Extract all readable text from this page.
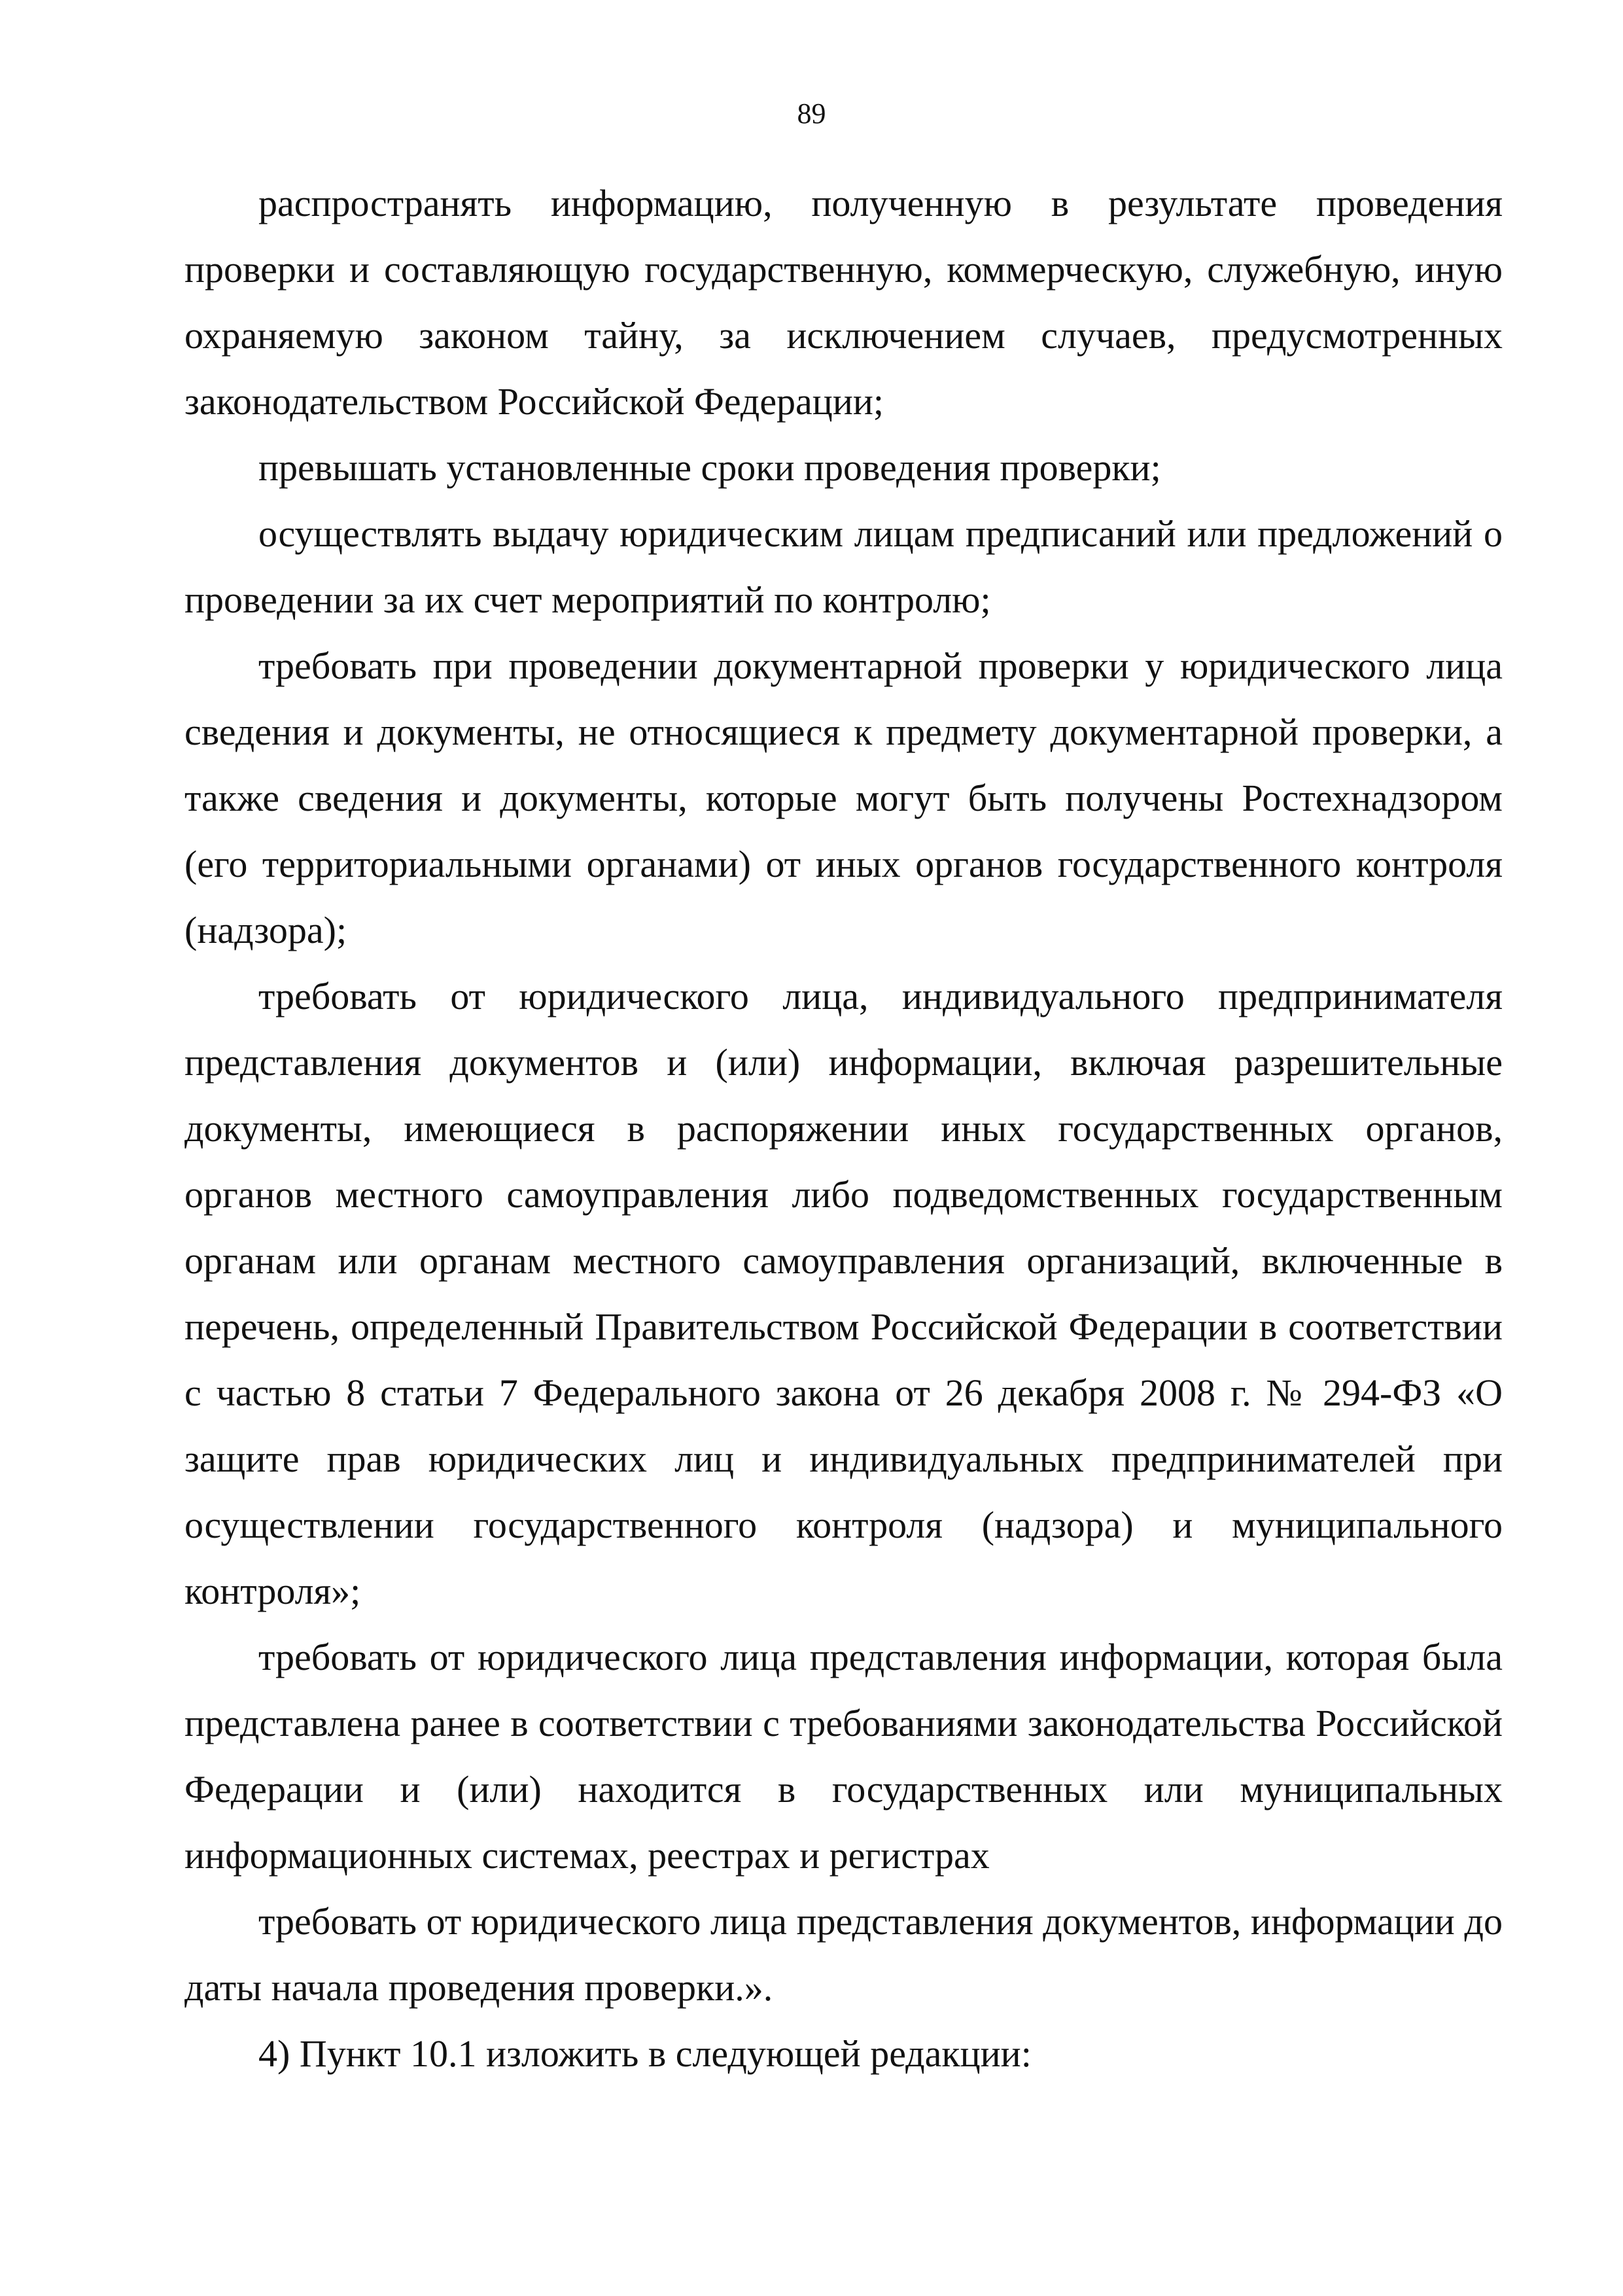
89

распространять информацию, полученную в результате проведения проверки и составляющую государственную, коммерческую, служебную, иную охраняемую законом тайну, за исключением случаев, предусмотренных законодательством Российской Федерации;

превышать установленные сроки проведения проверки;

осуществлять выдачу юридическим лицам предписаний или предложений о проведении за их счет мероприятий по контролю;

требовать при проведении документарной проверки у юридического лица сведения и документы, не относящиеся к предмету документарной проверки, а также сведения и документы, которые могут быть получены Ростехнадзором (его территориальными органами) от иных органов государственного контроля (надзора);

требовать от юридического лица, индивидуального предпринимателя представления документов и (или) информации, включая разрешительные документы, имеющиеся в распоряжении иных государственных органов, органов местного самоуправления либо подведомственных государственным органам или органам местного самоуправления организаций, включенные в перечень, определенный Правительством Российской Федерации в соответствии с частью 8 статьи 7 Федерального закона от 26 декабря 2008 г. № 294-ФЗ «О защите прав юридических лиц и индивидуальных предпринимателей при осуществлении государственного контроля (надзора) и муниципального контроля»;

требовать от юридического лица представления информации, которая была представлена ранее в соответствии с требованиями законодательства Российской Федерации и (или) находится в государственных или муниципальных информационных системах, реестрах и регистрах

требовать от юридического лица представления документов, информации до даты начала проведения проверки.».

4) Пункт 10.1 изложить в следующей редакции:
